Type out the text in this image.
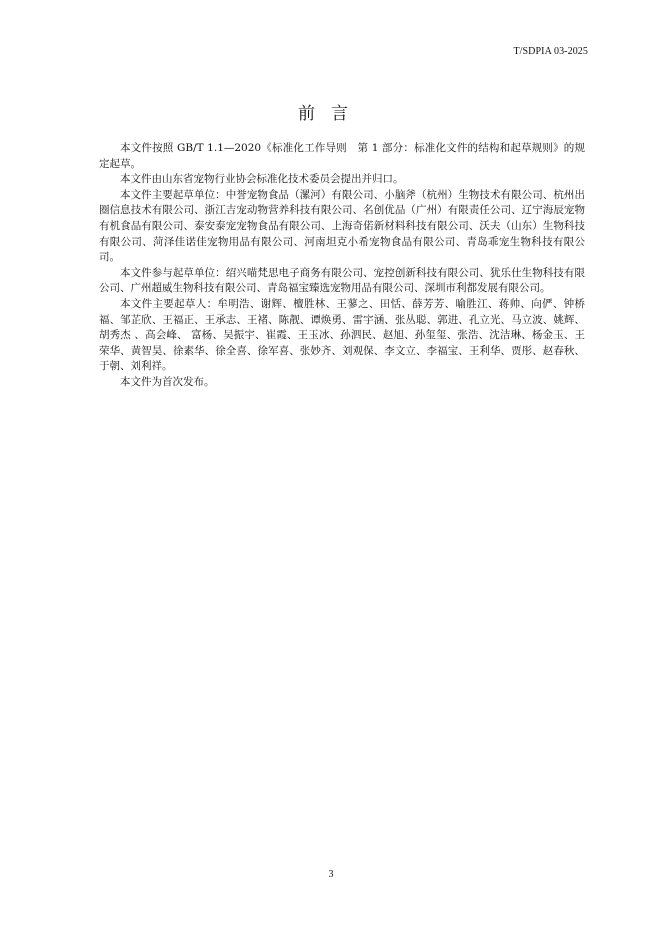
T/SDPIA 03-2025
前言

本文件按照 GB/T 1.1—2020《标准化工作导则　第 1 部分：标准化文件的结构和起草规则》的规定起草。

本文件由山东省宠物行业协会标准化技术委员会提出并归口。

本文件主要起草单位：中誉宠物食品（漯河）有限公司、小脑斧（杭州）生物技术有限公司、杭州出圈信息技术有限公司、浙江吉宠动物营养科技有限公司、名创优品（广州）有限责任公司、辽宁海辰宠物有机食品有限公司、泰安泰宠宠物食品有限公司、上海奇偌新材料科技有限公司、沃夫（山东）生物科技有限公司、菏泽佳诺佳宠物用品有限公司、河南坦克小希宠物食品有限公司、青岛乖宠生物科技有限公司。

本文件参与起草单位：绍兴喵梵思电子商务有限公司、宠控创新科技有限公司、犹乐仕生物科技有限公司、广州超威生物科技有限公司、青岛福宝臻选宠物用品有限公司、深圳市利都发展有限公司。

本文件主要起草人：牟明浩、谢辉、檀胜林、王蓼之、田恬、薛芳芳、喻胜江、蒋帅、向俨、钟桥福、邹芷欣、王福正、王承志、王褚、陈靓、谭焕勇、雷宇涵、张丛聪、郭进、孔立光、马立波、姚辉、胡秀杰 、高会峰、 富杨、吴振宇、崔霞、王玉冰、孙泗民、赵旭、孙玺玺、张浩、沈洁琳、杨金玉、王荣华、黄智昊、徐素华、徐全喜、徐军喜、张妙齐、刘观保、李文立、李福宝、王利华、贾彤、赵春秋、于朝、刘利祥。

本文件为首次发布。

3
